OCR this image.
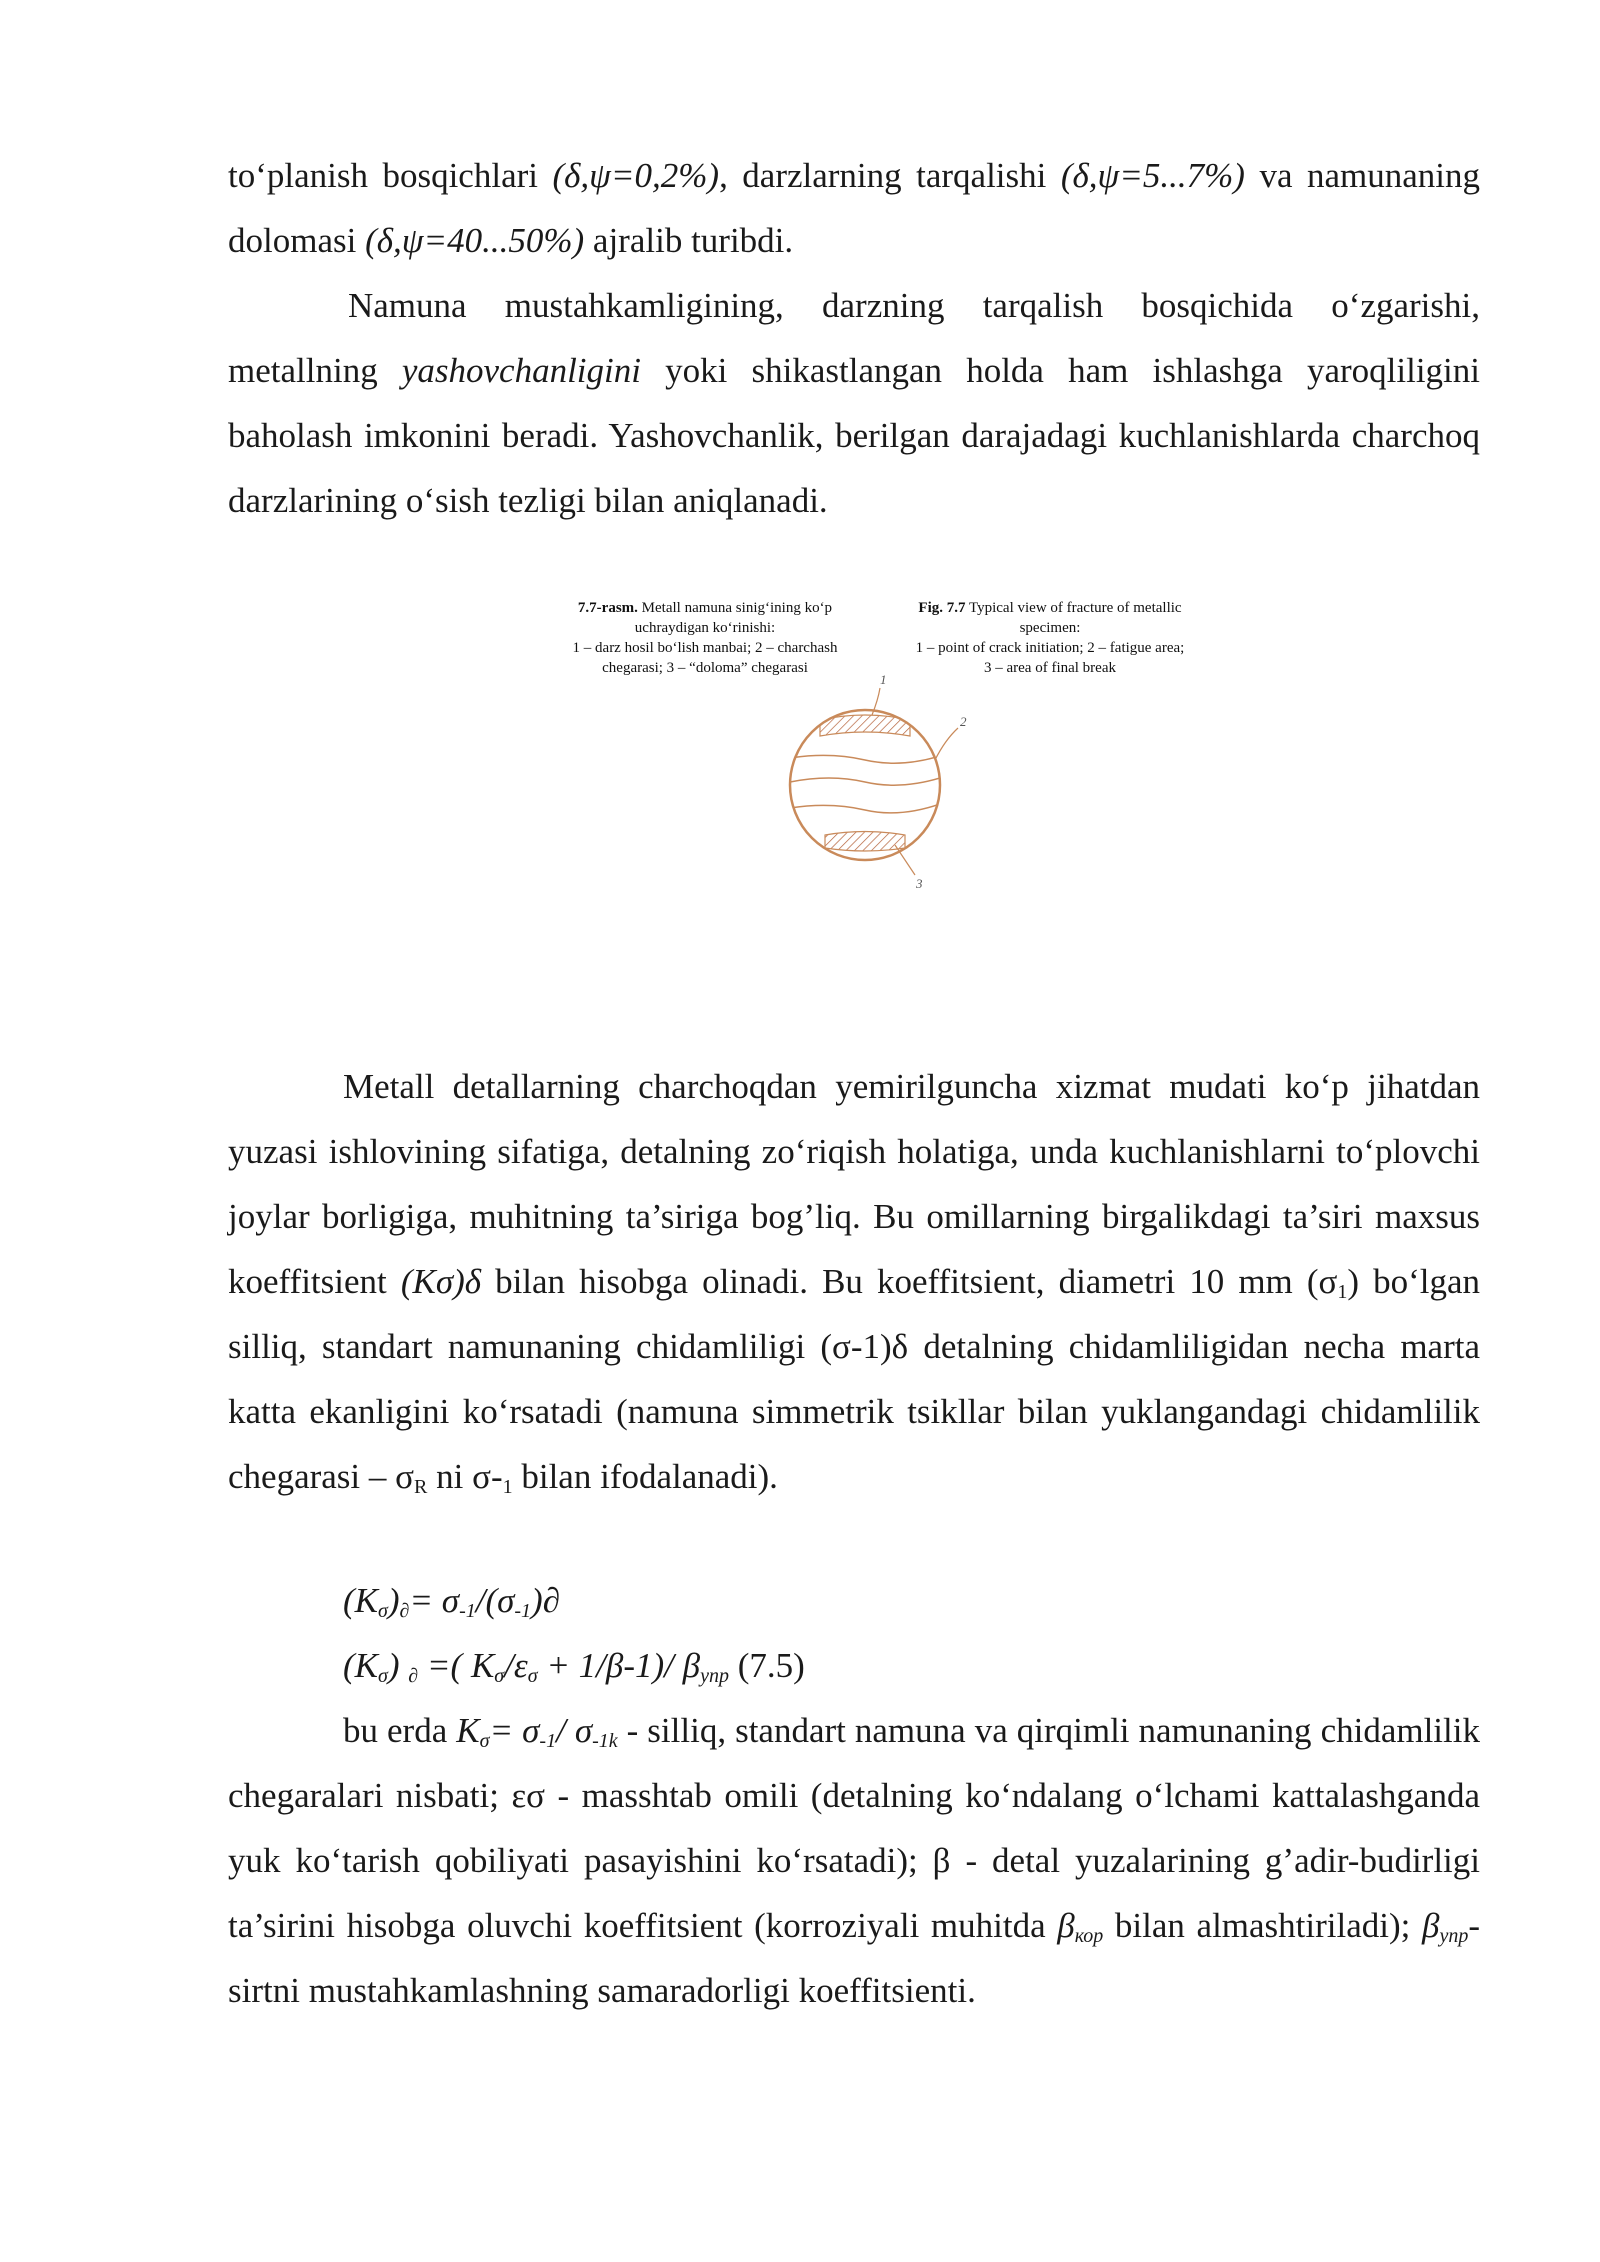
to‘planish bosqichlari (δ,ψ=0,2%), darzlarning tarqalishi (δ,ψ=5...7%) va namunaning dolomasi (δ,ψ=40...50%) ajralib turibdi.

Namuna mustahkamligining, darzning tarqalish bosqichida o‘zgarishi, metallning yashovchanligini yoki shikastlangan holda ham ishlashga yaroqliligini baholash imkonini beradi. Yashovchanlik, berilgan darajadagi kuchlanishlarda charchoq darzlarining o‘sish tezligi bilan aniqlanadi.

7.7-rasm. Metall namuna sinig‘ining ko‘p
uchraydigan ko‘rinishi:
1 – darz hosil bo‘lish manbai; 2 – charchash
chegarasi; 3 – “doloma” chegarasi
Fig. 7.7 Typical view of fracture of metallic
specimen:
1 – point of crack initiation; 2 – fatigue area;
3 – area of final break
1
2
3

Metall detallarning charchoqdan yemirilguncha xizmat mudati ko‘p jihatdan yuzasi ishlovining sifatiga, detalning zo‘riqish holatiga, unda kuchlanishlarni to‘plovchi joylar borligiga, muhitning ta’siriga bog’liq. Bu omillarning birgalikdagi ta’siri maxsus koeffitsient (Kσ)δ bilan hisobga olinadi. Bu koeffitsient, diametri 10 mm $(\sigma_1)$ bo‘lgan silliq, standart namunaning chidamliligi (σ-1)δ detalning chidamliligidan necha marta katta ekanligini ko‘rsatadi (namuna simmetrik tsikllar bilan yuklangandagi chidamlilik chegarasi – $\sigma_R$ ni $\sigma-_1$ bilan ifodalanadi).

$(K_\sigma)_\partial= \sigma_{-1}/(\sigma_{-1})\partial$

$(K_\sigma)$ $_\partial$ =( $K_\sigma/\varepsilon_\sigma + 1/\beta-1)/$ $\beta_{упр}$ (7.5)

bu erda $K_\sigma= \sigma_{-1}/$ $\sigma_{-1k}$ - silliq, standart namuna va qirqimli namunaning chidamlilik chegaralari nisbati; εσ - masshtab omili (detalning ko‘ndalang o‘lchami kattalashganda yuk ko‘tarish qobiliyati pasayishini ko‘rsatadi); β - detal yuzalarining g’adir-budirligi ta’sirini hisobga oluvchi koeffitsient (korroziyali muhitda $\beta_{кор}$ bilan almashtiriladi); $\beta_{упр}-$ sirtni mustahkamlashning samaradorligi koeffitsienti.
